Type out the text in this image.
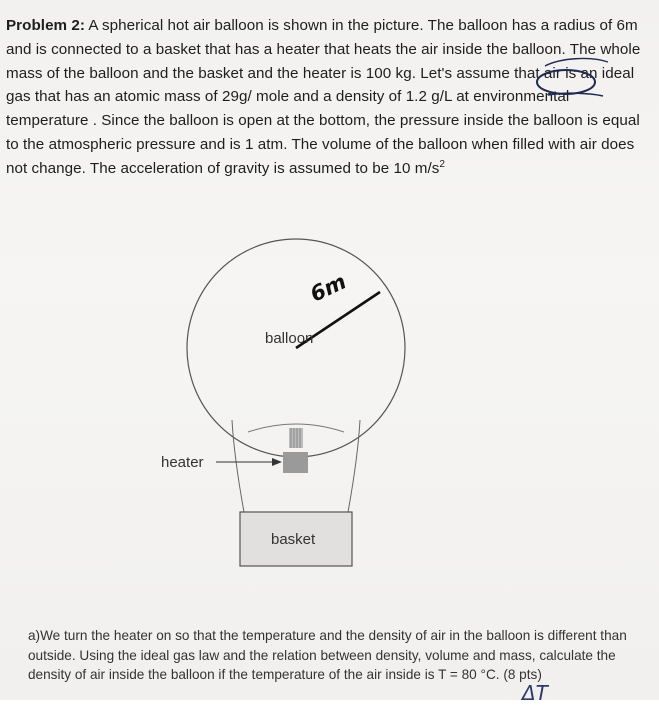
Problem 2: A spherical hot air balloon is shown in the picture. The balloon has a radius of 6m and is connected to a basket that has a heater that heats the air inside the balloon. The whole mass of the balloon and the basket and the heater is 100 kg. Let's assume that air is an ideal gas that has an atomic mass of 29g/ mole and a density of 1.2 g/L at environmental temperature . Since the balloon is open at the bottom, the pressure inside the balloon is equal to the atmospheric pressure and is 1 atm. The volume of the balloon when filled with air does not change. The acceleration of gravity is assumed to be 10 $m/s^2$
6m
balloon
heater
basket
a)We turn the heater on so that the temperature and the density of air in the balloon is different than outside. Using the ideal gas law and the relation between density, volume and mass, calculate the density of air inside the balloon if the temperature of the air inside is T = 80 °C. (8 pts)
ΔT
